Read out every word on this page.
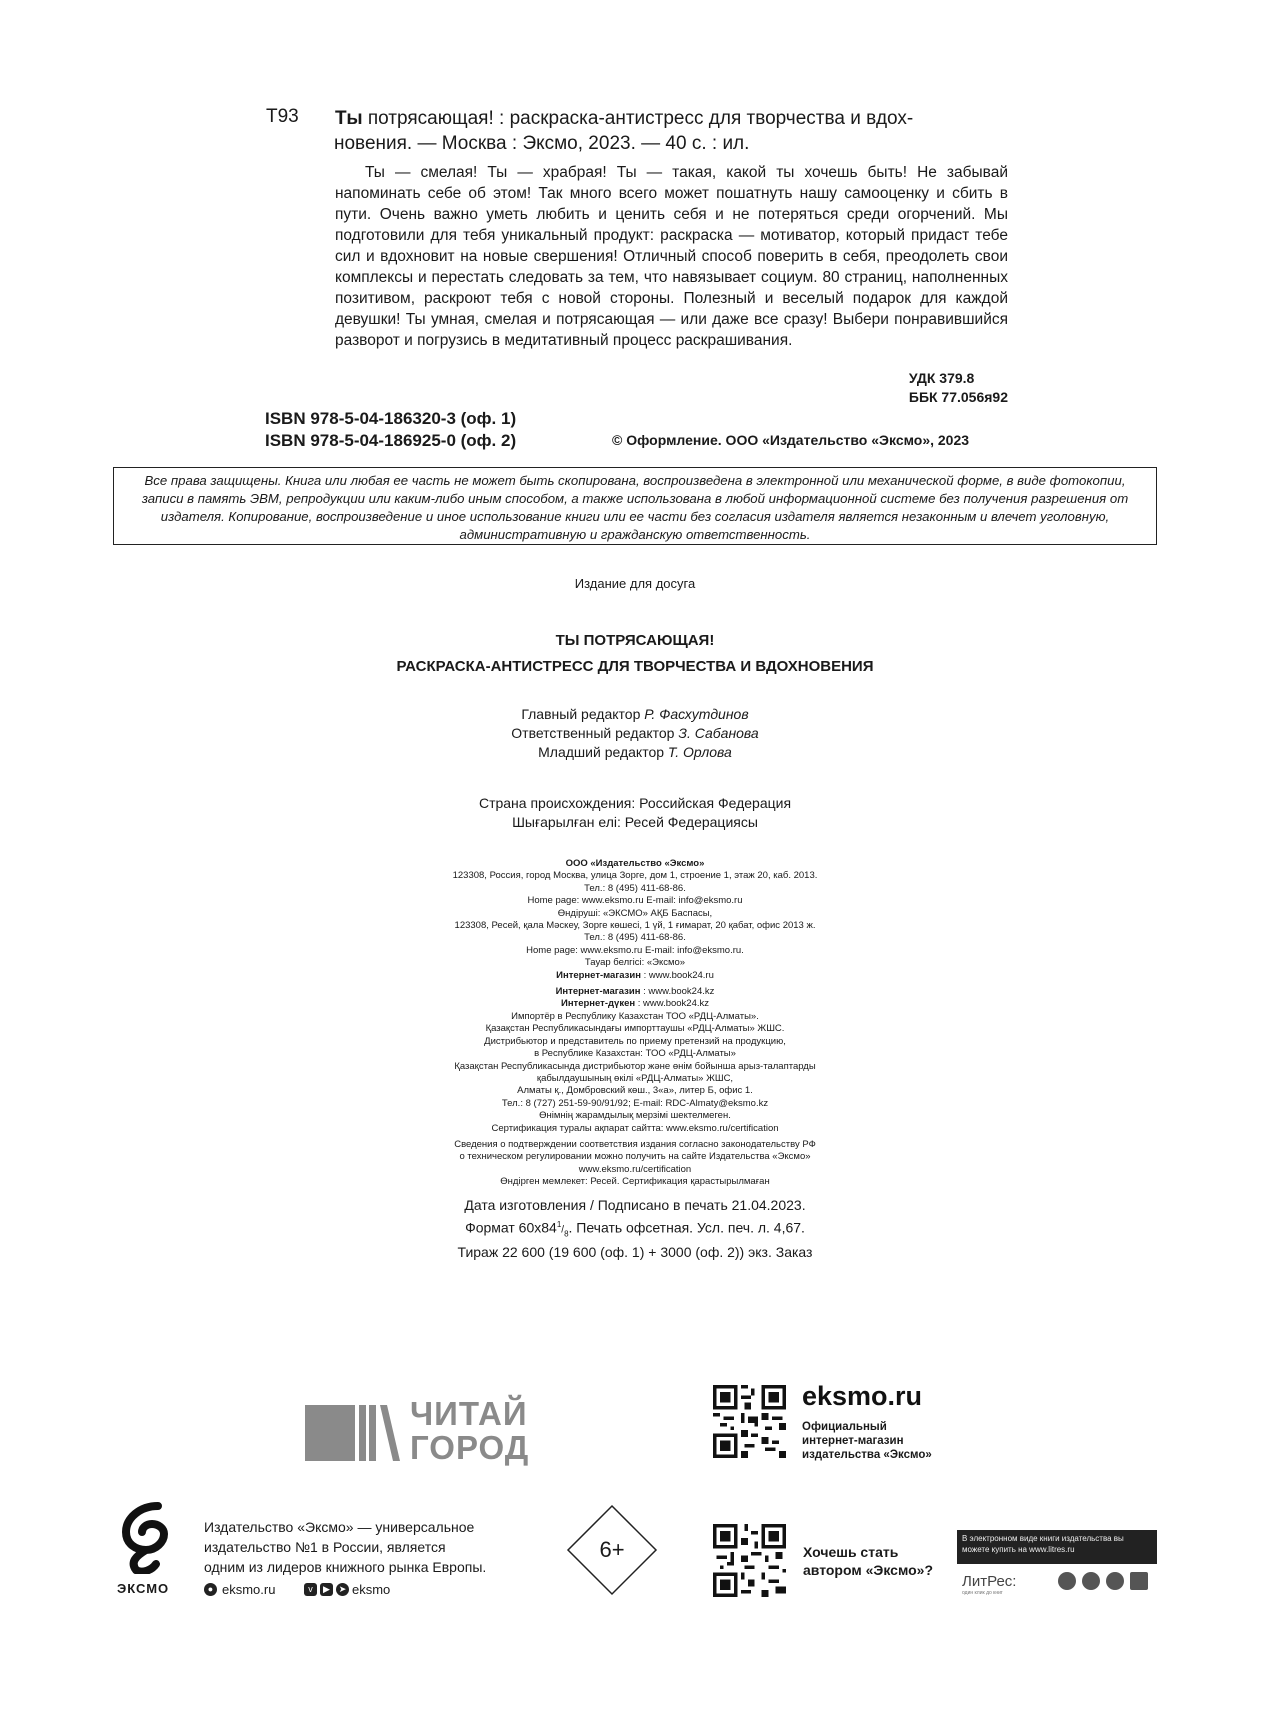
Т93 Ты потрясающая! : раскраска-антистресс для творчества и вдох-
новения. — Москва : Эксмо, 2023. — 40 с. : ил.

Ты — смелая! Ты — храбрая! Ты — такая, какой ты хочешь быть! Не забывай напоминать себе об этом! Так много всего может пошатнуть нашу самооценку и сбить в пути. Очень важно уметь любить и ценить себя и не потеряться среди огорчений. Мы подготовили для тебя уникальный продукт: раскраска — мотиватор, который придаст тебе сил и вдохновит на новые свершения! Отличный способ поверить в себя, преодолеть свои комплексы и перестать следовать за тем, что навязывает социум. 80 страниц, наполненных позитивом, раскроют тебя с новой стороны. Полезный и веселый подарок для каждой девушки! Ты умная, смелая и потрясающая — или даже все сразу! Выбери понравившийся разворот и погрузись в медитативный процесс раскрашивания.

УДК 379.8
ББК 77.056я92
ISBN 978-5-04-186320-3 (оф. 1)
ISBN 978-5-04-186925-0 (оф. 2)	© Оформление. ООО «Издательство «Эксмо», 2023
Все права защищены. Книга или любая ее часть не может быть скопирована, воспроизведена в электронной или механической форме, в виде фотокопии, записи в память ЭВМ, репродукции или каким-либо иным способом, а также использована в любой информационной системе без получения разрешения от издателя. Копирование, воспроизведение и иное использование книги или ее части без согласия издателя является незаконным и влечет уголовную, административную и гражданскую ответственность.
Издание для досуга
ТЫ ПОТРЯСАЮЩАЯ!
РАСКРАСКА-АНТИСТРЕСС ДЛЯ ТВОРЧЕСТВА И ВДОХНОВЕНИЯ
Главный редактор Р. Фасхутдинов
Ответственный редактор З. Сабанова
Младший редактор Т. Орлова
Страна происхождения: Российская Федерация
Шығарылған елі: Ресей Федерациясы
ООО «Издательство «Эксмо»
123308, Россия, город Москва, улица Зорге, дом 1, строение 1, этаж 20, каб. 2013.
Тел.: 8 (495) 411-68-86.
Home page: www.eksmo.ru E-mail: info@eksmo.ru
Өндіруші: «ЭКСМО» АҚБ Баспасы,
123308, Ресей, қала Мәскеу, Зорге көшесі, 1 үй, 1 ғимарат, 20 қабат, офис 2013 ж.
Тел.: 8 (495) 411-68-86.
Home page: www.eksmo.ru E-mail: info@eksmo.ru.
Тауар белгісі: «Эксмо»
Интернет-магазин : www.book24.ru
Интернет-магазин : www.book24.kz
Интернет-дүкен : www.book24.kz
Импортёр в Республику Казахстан ТОО «РДЦ-Алматы».
Қазақстан Республикасындағы импорттаушы «РДЦ-Алматы» ЖШС.
Дистрибьютор и представитель по приему претензий на продукцию,
в Республике Казахстан: ТОО «РДЦ-Алматы»
Қазақстан Республикасында дистрибьютор және өнім бойынша арыз-талаптарды
қабылдаушының өкілі «РДЦ-Алматы» ЖШС,
Алматы қ., Домбровский көш., 3«а», литер Б, офис 1.
Тел.: 8 (727) 251-59-90/91/92; E-mail: RDC-Almaty@eksmo.kz
Өнімнің жарамдылық мерзімі шектелмеген.
Сертификация туралы ақпарат сайтта: www.eksmo.ru/certification
Сведения о подтверждении соответствия издания согласно законодательству РФ
о техническом регулировании можно получить на сайте Издательства «Эксмо»
www.eksmo.ru/certification
Өндірген мемлекет: Ресей. Сертификация қарастырылмаған
Дата изготовления / Подписано в печать 21.04.2023.
Формат $60x84^1/_8$. Печать офсетная. Усл. печ. л. 4,67.
Тираж 22 600 (19 600 (оф. 1) + 3000 (оф. 2)) экз. Заказ
ЧИТАЙ
ГОРОД
eksmo.ru
Официальный
интернет-магазин
издательства «Эксмо»
ЭКСМО
Издательство «Эксмо» — универсальное
издательство №1 в России, является
одним из лидеров книжного рынка Европы.
● eksmo.ru	v	▶ ➤ eksmo
6+	Хочешь стать
автором «Эксмо»?
В электронном виде книги издательства вы можете купить на www.litres.ru
ЛитРес:
один клик до книг
